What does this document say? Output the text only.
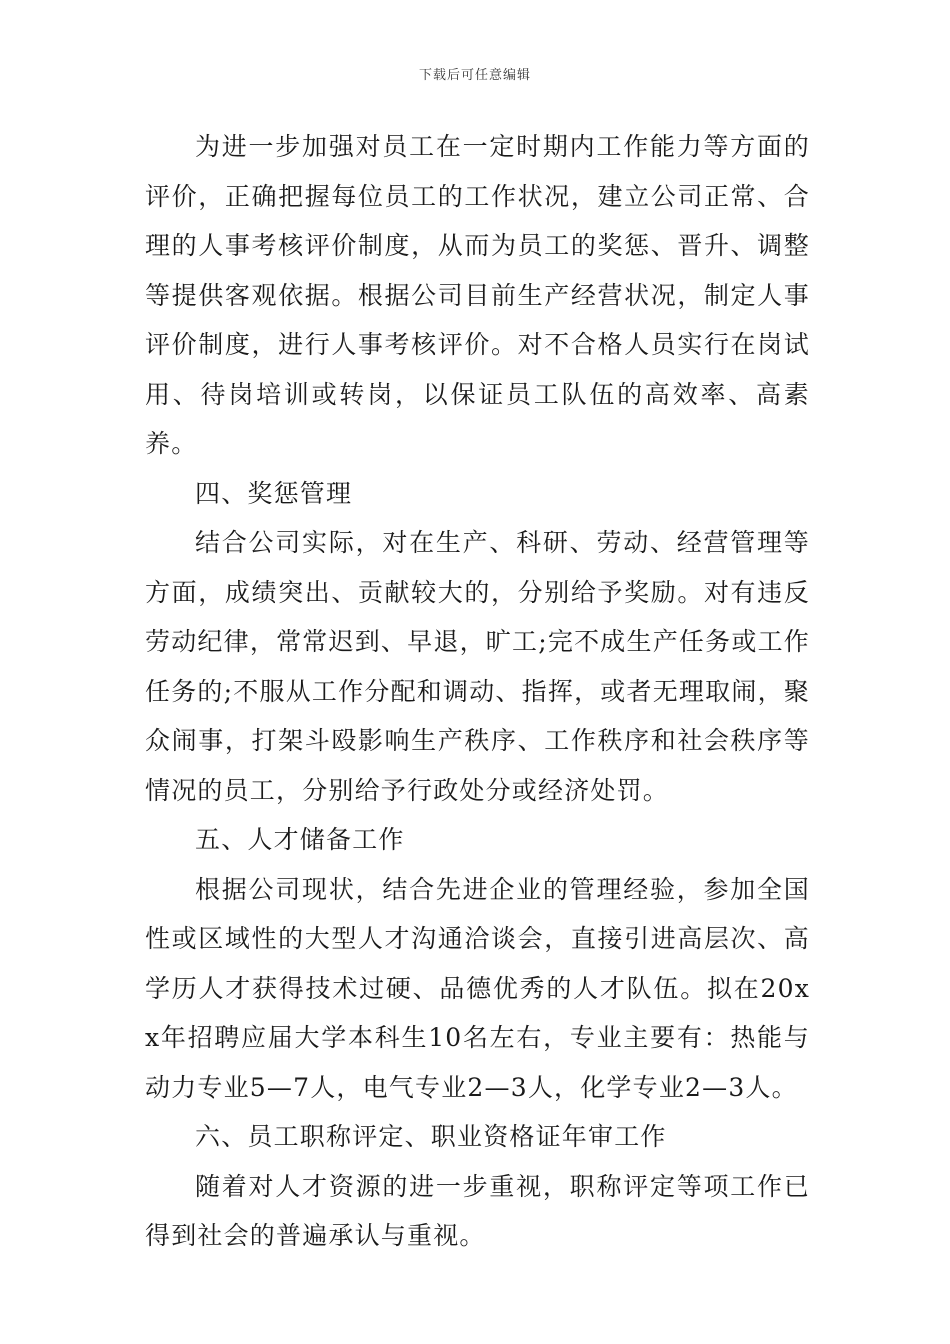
下载后可任意编辑

为进一步加强对员工在一定时期内工作能力等方面的评价，正确把握每位员工的工作状况，建立公司正常、合理的人事考核评价制度，从而为员工的奖惩、晋升、调整等提供客观依据。根据公司目前生产经营状况，制定人事评价制度，进行人事考核评价。对不合格人员实行在岗试用、待岗培训或转岗，以保证员工队伍的高效率、高素养。

四、奖惩管理

结合公司实际，对在生产、科研、劳动、经营管理等方面，成绩突出、贡献较大的，分别给予奖励。对有违反劳动纪律，常常迟到、早退，旷工;完不成生产任务或工作任务的;不服从工作分配和调动、指挥，或者无理取闹，聚众闹事，打架斗殴影响生产秩序、工作秩序和社会秩序等情况的员工，分别给予行政处分或经济处罚。

五、人才储备工作

根据公司现状，结合先进企业的管理经验，参加全国性或区域性的大型人才沟通洽谈会，直接引进高层次、高学历人才获得技术过硬、品德优秀的人才队伍。拟在20xx年招聘应届大学本科生10名左右，专业主要有：热能与动力专业5—7人，电气专业2—3人，化学专业2—3人。

六、员工职称评定、职业资格证年审工作

随着对人才资源的进一步重视，职称评定等项工作已得到社会的普遍承认与重视。
